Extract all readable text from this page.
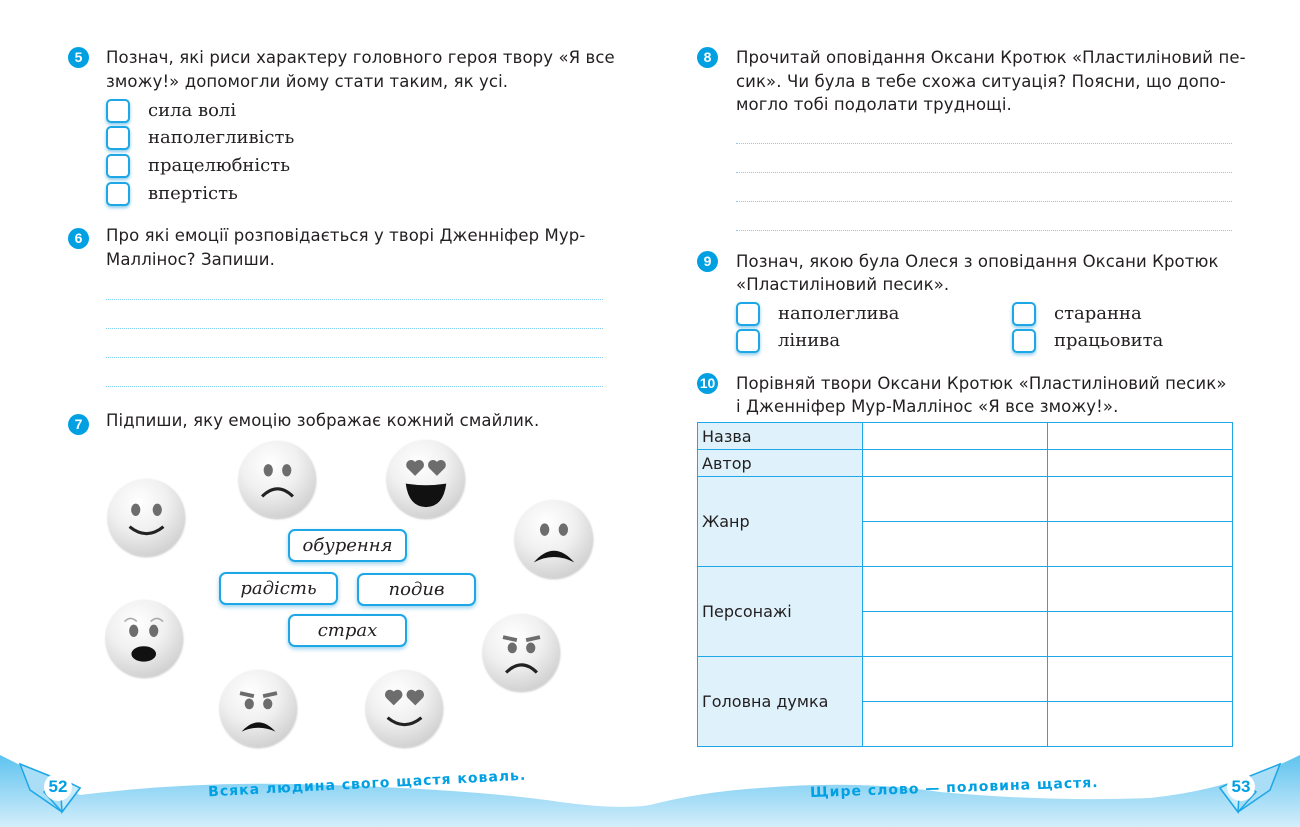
5	Познач, які риси характеру головного героя твору «Я все
зможу!» допомогли йому стати таким, як усі.
сила волі
наполегливість
працелюбність
впертість
6	Про які емоції розповідається у творі Дженніфер Мур-
Маллінос? Запиши.
7	Підпиши, яку емоцію зображає кожний смайлик.
обурення
радість	подив
страх
8	Прочитай оповідання Оксани Кротюк «Пластиліновий пе-
сик». Чи була в тебе схожа ситуація? Поясни, що допо-
могло тобі подолати труднощі.
9	Познач, якою була Олеся з оповідання Оксани Кротюк
«Пластиліновий песик».
наполеглива
лінива
старанна
працьовита
10 Порівняй твори Оксани Кротюк «Пластиліновий песик»
і Дженніфер Мур-Маллінос «Я все зможу!».
Назва		
Автор		
Жанр		

Персонажі		

Головна думка		

52	53
Всяка людина свого щастя коваль.	Щире слово — половина щастя.
